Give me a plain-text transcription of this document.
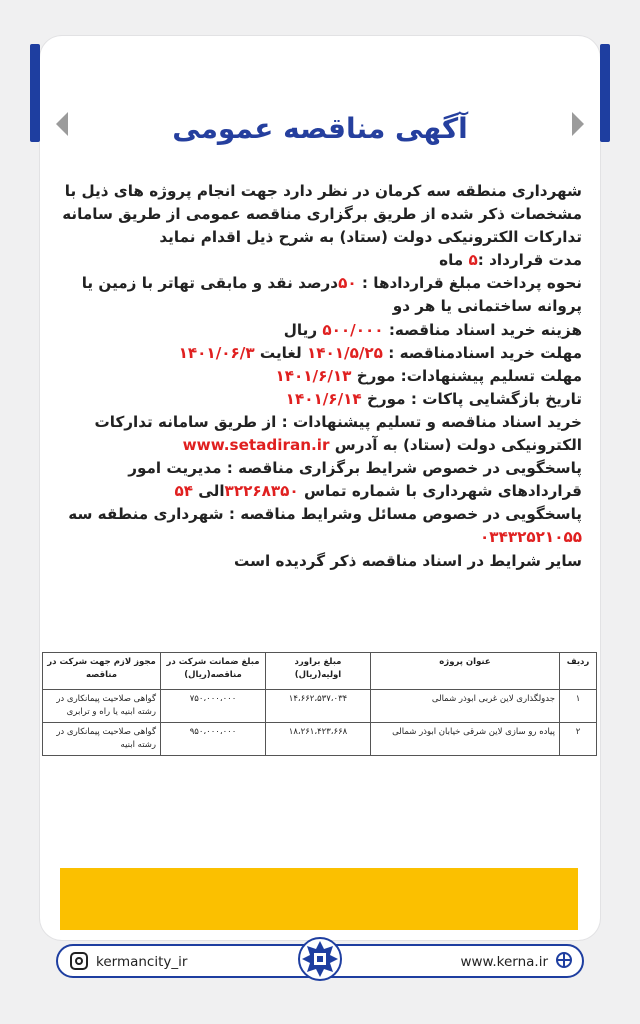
آگهی مناقصه عمومی

شهرداری منطقه سه کرمان در نظر دارد جهت انجام پروژه های ذیل با

مشخصات ذکر شده از طریق برگزاری مناقصه عمومی از طریق سامانه

تدارکات الکترونیکی دولت (ستاد) به شرح ذیل اقدام نماید

مدت قرارداد :۵ ماه

نحوه پرداخت مبلغ قراردادها : ۵۰درصد نقد و مابقی تهاتر با زمین یا

پروانه ساختمانی یا هر دو

هزینه خرید اسناد مناقصه: ۵۰۰/۰۰۰ ریال

مهلت خرید اسنادمناقصه : ۱۴۰۱/۵/۲۵ لغایت ۱۴۰۱/۰۶/۳

مهلت تسلیم پیشنهادات: مورخ ۱۴۰۱/۶/۱۳

تاریخ بازگشایی پاکات : مورخ ۱۴۰۱/۶/۱۴

خرید اسناد مناقصه و تسلیم پیشنهادات : از طریق سامانه تدارکات

الکترونیکی دولت (ستاد) به آدرس www.setadiran.ir

پاسخگویی در خصوص شرایط برگزاری مناقصه : مدیریت امور

قراردادهای شهرداری با شماره تماس ۳۲۲۶۸۳۵۰الی ۵۴

پاسخگویی در خصوص مسائل وشرایط مناقصه : شهرداری منطقه سه

۰۳۴۳۲۵۲۱۰۵۵

سایر شرایط در اسناد مناقصه ذکر گردیده است

ردیف	عنوان پروژه	مبلغ براورد اولیه(ریال)	مبلغ ضمانت شرکت در مناقصه(ریال)	مجوز لازم جهت شرکت در مناقصه
۱	جدولگذاری لاین غربی ابوذر شمالی	۱۴،۶۶۲،۵۳۷،۰۳۴	۷۵۰،۰۰۰،۰۰۰	گواهی صلاحیت پیمانکاری در رشته ابنیه یا راه و ترابری
۲	پیاده رو سازی لاین شرقی خیابان ابوذر شمالی	۱۸،۲۶۱،۴۲۳،۶۶۸	۹۵۰،۰۰۰،۰۰۰	گواهی صلاحیت پیمانکاری در رشته ابنیه
www.kerna.ir
kermancity_ir
